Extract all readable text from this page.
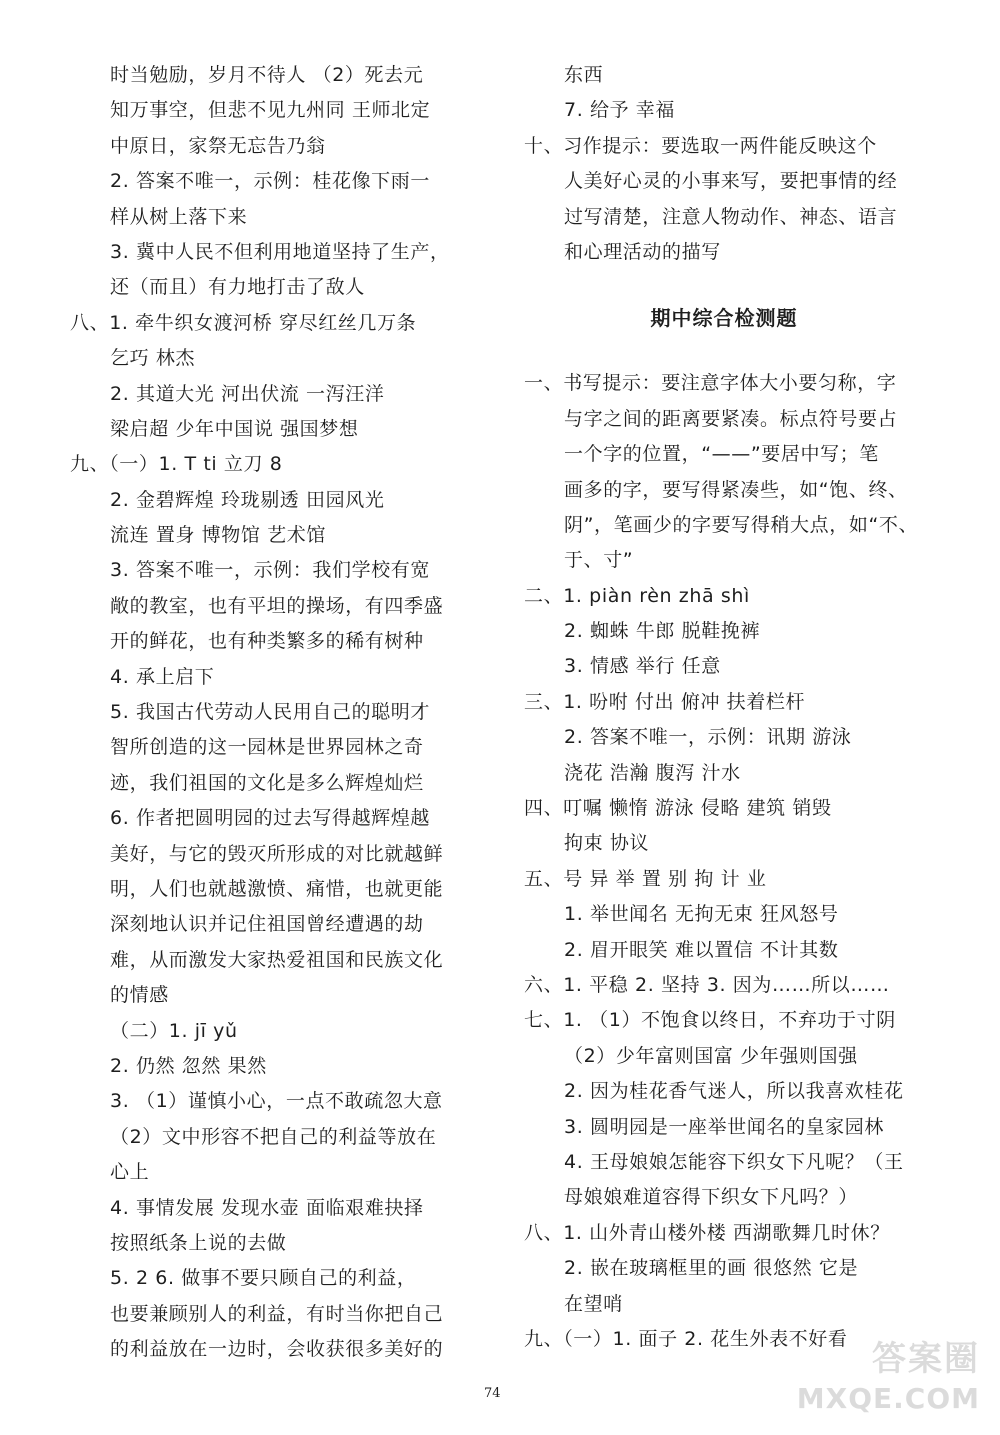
时当勉励，岁月不待人 （2）死去元
知万事空，但悲不见九州同 王师北定
中原日，家祭无忘告乃翁
2. 答案不唯一，示例：桂花像下雨一
样从树上落下来
3. 冀中人民不但利用地道坚持了生产，
还（而且）有力地打击了敌人
八、1. 牵牛织女渡河桥 穿尽红丝几万条
乞巧 林杰
2. 其道大光 河出伏流 一泻汪洋
梁启超 少年中国说 强国梦想
九、（一）1. T ti 立刀 8
2. 金碧辉煌 玲珑剔透 田园风光
流连 置身 博物馆 艺术馆
3. 答案不唯一，示例：我们学校有宽
敞的教室，也有平坦的操场，有四季盛
开的鲜花，也有种类繁多的稀有树种
4. 承上启下
5. 我国古代劳动人民用自己的聪明才
智所创造的这一园林是世界园林之奇
迹，我们祖国的文化是多么辉煌灿烂
6. 作者把圆明园的过去写得越辉煌越
美好，与它的毁灭所形成的对比就越鲜
明，人们也就越激愤、痛惜，也就更能
深刻地认识并记住祖国曾经遭遇的劫
难，从而激发大家热爱祖国和民族文化
的情感
（二）1. jī yǔ
2. 仍然 忽然 果然
3. （1）谨慎小心，一点不敢疏忽大意
（2）文中形容不把自己的利益等放在
心上
4. 事情发展 发现水壶 面临艰难抉择
按照纸条上说的去做
5. 2 6. 做事不要只顾自己的利益，
也要兼顾别人的利益，有时当你把自己
的利益放在一边时，会收获很多美好的
东西
7. 给予 幸福
十、习作提示：要选取一两件能反映这个
人美好心灵的小事来写，要把事情的经
过写清楚，注意人物动作、神态、语言
和心理活动的描写
期中综合检测题
一、书写提示：要注意字体大小要匀称，字
与字之间的距离要紧凑。标点符号要占
一个字的位置，“——”要居中写；笔
画多的字，要写得紧凑些，如“饱、终、
阴”，笔画少的字要写得稍大点，如“不、
于、寸”
二、1. piàn rèn zhā shì
2. 蜘蛛 牛郎 脱鞋挽裤
3. 情感 举行 任意
三、1. 吩咐 付出 俯冲 扶着栏杆
2. 答案不唯一，示例：讯期 游泳
浇花 浩瀚 腹泻 汁水
四、叮嘱 懒惰 游泳 侵略 建筑 销毁
拘束 协议
五、号 异 举 置 别 拘 计 业
1. 举世闻名 无拘无束 狂风怒号
2. 眉开眼笑 难以置信 不计其数
六、1. 平稳 2. 坚持 3. 因为……所以……
七、1. （1）不饱食以终日，不弃功于寸阴
（2）少年富则国富 少年强则国强
2. 因为桂花香气迷人，所以我喜欢桂花
3. 圆明园是一座举世闻名的皇家园林
4. 王母娘娘怎能容下织女下凡呢？（王
母娘娘难道容得下织女下凡吗？）
八、1. 山外青山楼外楼 西湖歌舞几时休？
2. 嵌在玻璃框里的画 很悠然 它是
在望哨
九、（一）1. 面子 2. 花生外表不好看
74
答案圈
MXQE.COM
